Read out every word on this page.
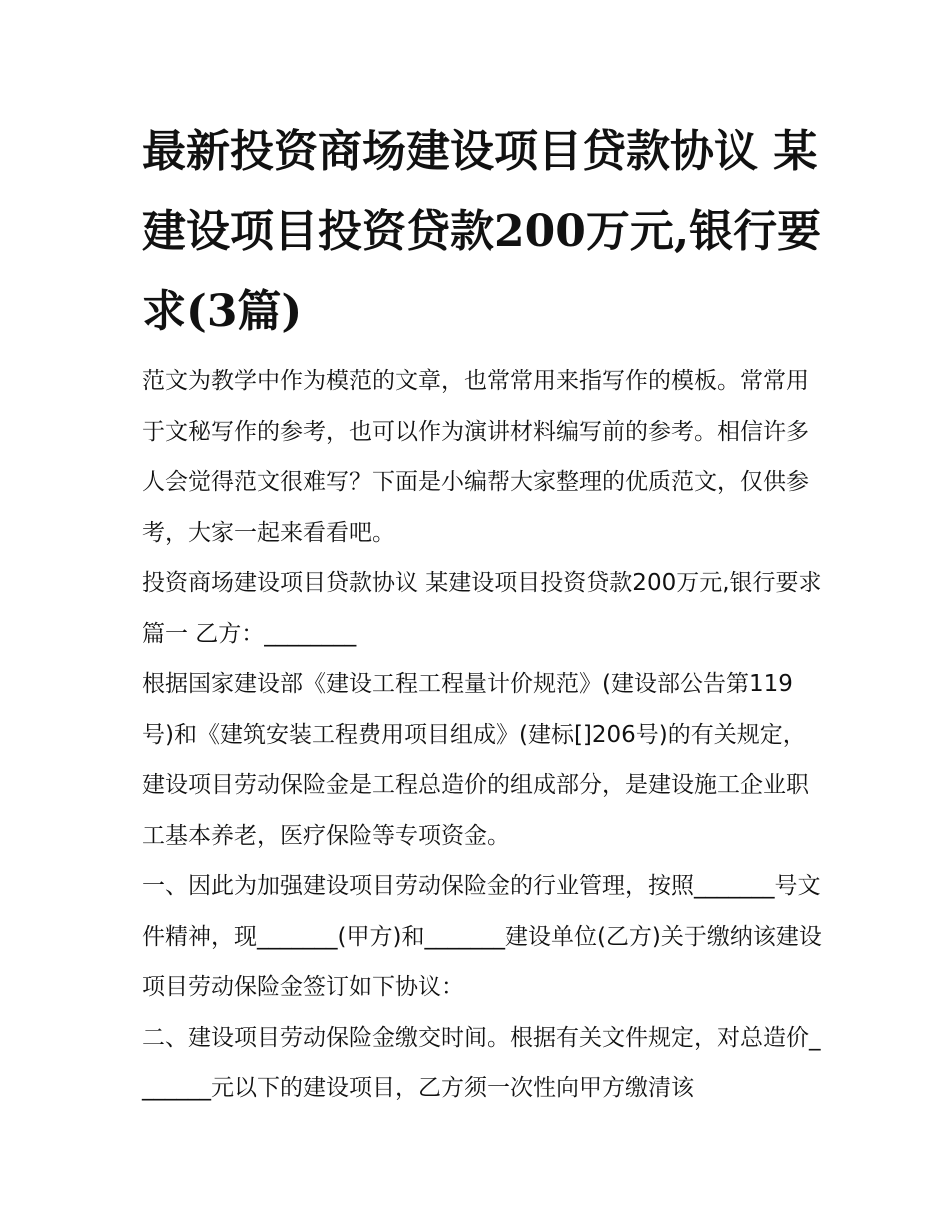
最新投资商场建设项目贷款协议 某建设项目投资贷款200万元,银行要求(3篇)

范文为教学中作为模范的文章，也常常用来指写作的模板。常常用于文秘写作的参考，也可以作为演讲材料编写前的参考。相信许多人会觉得范文很难写？下面是小编帮大家整理的优质范文，仅供参考，大家一起来看看吧。

投资商场建设项目贷款协议 某建设项目投资贷款200万元,银行要求篇一 乙方：________

根据国家建设部《建设工程工程量计价规范》(建设部公告第119号)和《建筑安装工程费用项目组成》(建标[]206号)的有关规定，建设项目劳动保险金是工程总造价的组成部分，是建设施工企业职工基本养老，医疗保险等专项资金。

一、因此为加强建设项目劳动保险金的行业管理，按照_______号文件精神，现_______(甲方)和_______建设单位(乙方)关于缴纳该建设项目劳动保险金签订如下协议：

二、建设项目劳动保险金缴交时间。根据有关文件规定，对总造价_______元以下的建设项目，乙方须一次性向甲方缴清该
